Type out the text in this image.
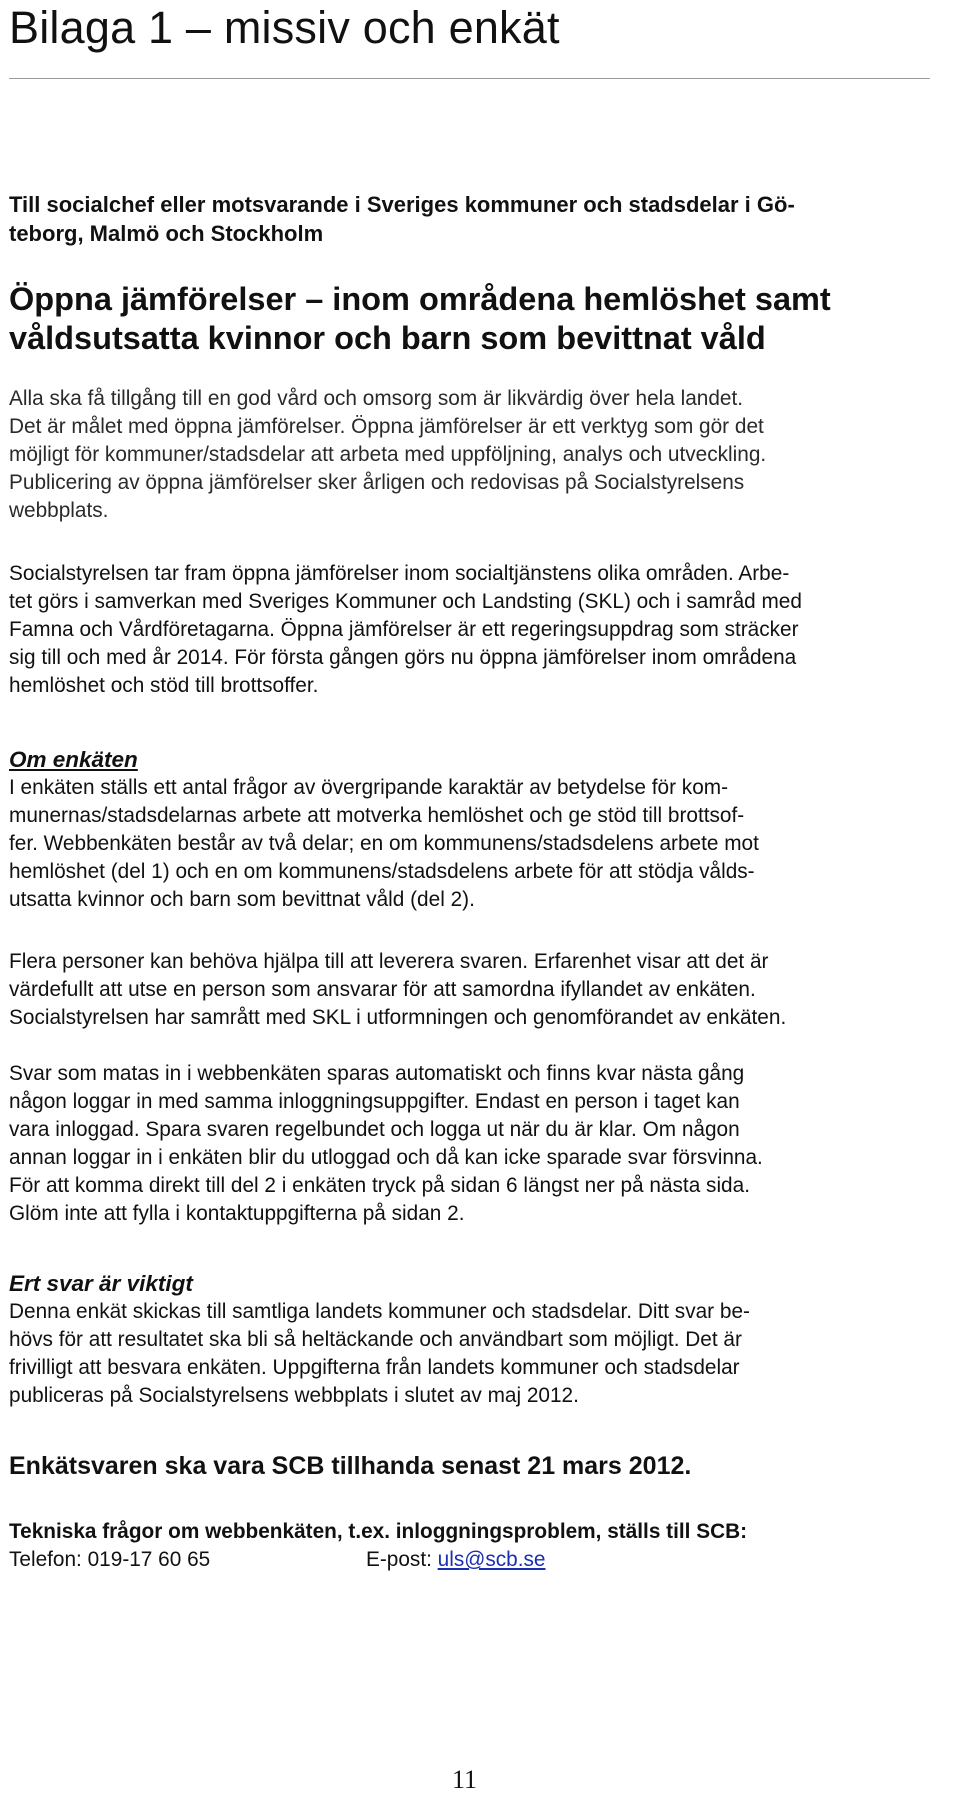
Bilaga 1 – missiv och enkät
Till socialchef eller motsvarande i Sveriges kommuner och stadsdelar i Gö-
teborg, Malmö och Stockholm
Öppna jämförelser – inom områdena hemlöshet samt
våldsutsatta kvinnor och barn som bevittnat våld
Alla ska få tillgång till en god vård och omsorg som är likvärdig över hela landet.
Det är målet med öppna jämförelser. Öppna jämförelser är ett verktyg som gör det
möjligt för kommuner/stadsdelar att arbeta med uppföljning, analys och utveckling.
Publicering av öppna jämförelser sker årligen och redovisas på Socialstyrelsens
webbplats.
Socialstyrelsen tar fram öppna jämförelser inom socialtjänstens olika områden. Arbe-
tet görs i samverkan med Sveriges Kommuner och Landsting (SKL) och i samråd med
Famna och Vårdföretagarna. Öppna jämförelser är ett regeringsuppdrag som sträcker
sig till och med år 2014. För första gången görs nu öppna jämförelser inom områdena
hemlöshet och stöd till brottsoffer.
Om enkäten
I enkäten ställs ett antal frågor av övergripande karaktär av betydelse för kom-
munernas/stadsdelarnas arbete att motverka hemlöshet och ge stöd till brottsof-
fer. Webbenkäten består av två delar; en om kommunens/stadsdelens arbete mot
hemlöshet (del 1) och en om kommunens/stadsdelens arbete för att stödja vålds-
utsatta kvinnor och barn som bevittnat våld (del 2).
Flera personer kan behöva hjälpa till att leverera svaren. Erfarenhet visar att det är
värdefullt att utse en person som ansvarar för att samordna ifyllandet av enkäten.
Socialstyrelsen har samrått med SKL i utformningen och genomförandet av enkäten.
Svar som matas in i webbenkäten sparas automatiskt och finns kvar nästa gång
någon loggar in med samma inloggningsuppgifter. Endast en person i taget kan
vara inloggad. Spara svaren regelbundet och logga ut när du är klar. Om någon
annan loggar in i enkäten blir du utloggad och då kan icke sparade svar försvinna.
För att komma direkt till del 2 i enkäten tryck på sidan 6 längst ner på nästa sida.
Glöm inte att fylla i kontaktuppgifterna på sidan 2.
Ert svar är viktigt
Denna enkät skickas till samtliga landets kommuner och stadsdelar. Ditt svar be-
hövs för att resultatet ska bli så heltäckande och användbart som möjligt. Det är
frivilligt att besvara enkäten. Uppgifterna från landets kommuner och stadsdelar
publiceras på Socialstyrelsens webbplats i slutet av maj 2012.

Enkätsvaren ska vara SCB tillhanda senast 21 mars 2012.

Tekniska frågor om webbenkäten, t.ex. inloggningsproblem, ställs till SCB:

Telefon: 019-17 60 65	E-post: uls@scb.se

11
